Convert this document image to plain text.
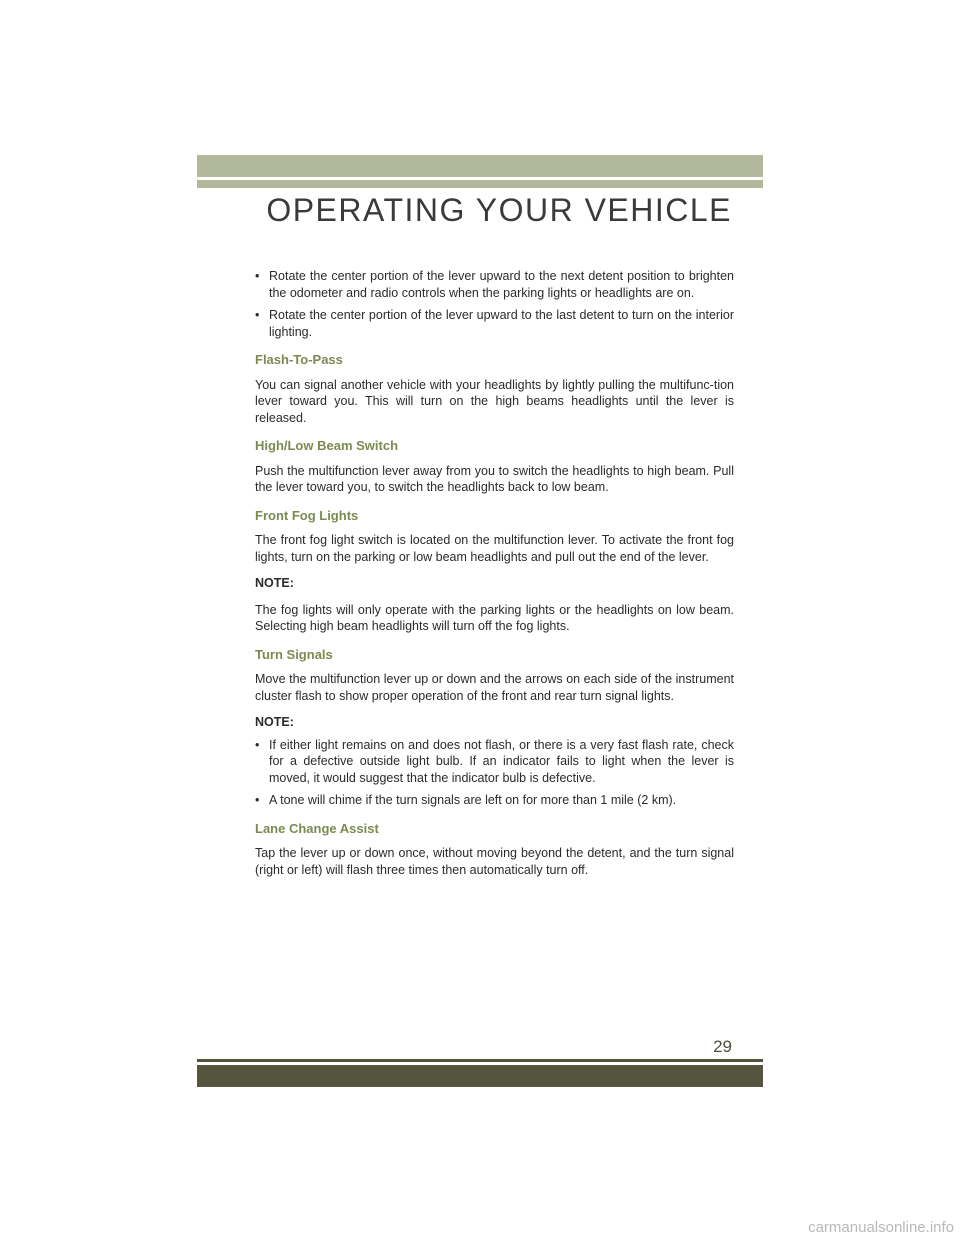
OPERATING YOUR VEHICLE
• Rotate the center portion of the lever upward to the next detent position to brighten the odometer and radio controls when the parking lights or headlights are on.
• Rotate the center portion of the lever upward to the last detent to turn on the interior lighting.
Flash-To-Pass

You can signal another vehicle with your headlights by lightly pulling the multifunc-tion lever toward you. This will turn on the high beams headlights until the lever is released.

High/Low Beam Switch

Push the multifunction lever away from you to switch the headlights to high beam. Pull the lever toward you, to switch the headlights back to low beam.

Front Fog Lights

The front fog light switch is located on the multifunction lever. To activate the front fog lights, turn on the parking or low beam headlights and pull out the end of the lever.

NOTE:

The fog lights will only operate with the parking lights or the headlights on low beam. Selecting high beam headlights will turn off the fog lights.

Turn Signals

Move the multifunction lever up or down and the arrows on each side of the instrument cluster flash to show proper operation of the front and rear turn signal lights.

NOTE:

• If either light remains on and does not flash, or there is a very fast flash rate, check for a defective outside light bulb. If an indicator fails to light when the lever is moved, it would suggest that the indicator bulb is defective.
• A tone will chime if the turn signals are left on for more than 1 mile (2 km).
Lane Change Assist

Tap the lever up or down once, without moving beyond the detent, and the turn signal (right or left) will flash three times then automatically turn off.

29
carmanualsonline.info
